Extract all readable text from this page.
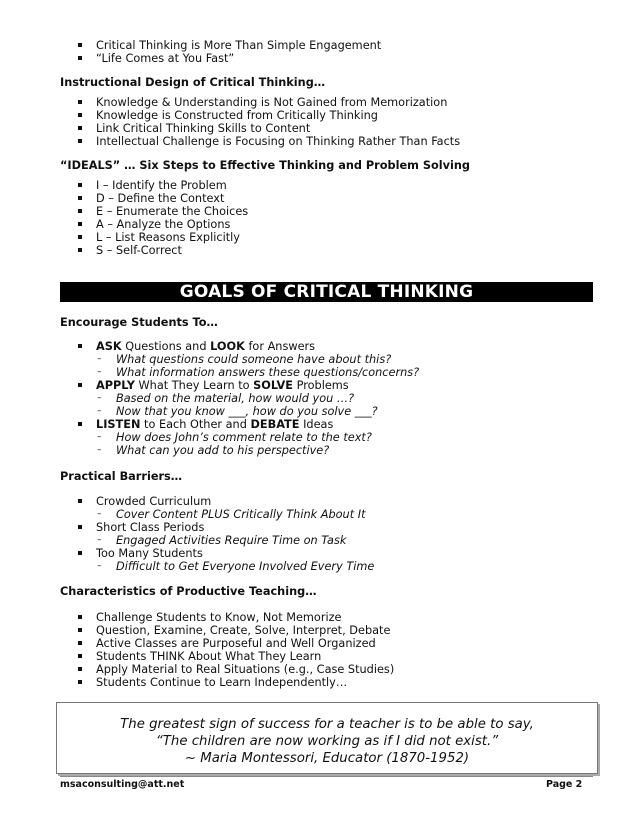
Critical Thinking is More Than Simple Engagement
“Life Comes at You Fast”
Instructional Design of Critical Thinking…
Knowledge & Understanding is Not Gained from Memorization
Knowledge is Constructed from Critically Thinking
Link Critical Thinking Skills to Content
Intellectual Challenge is Focusing on Thinking Rather Than Facts
“IDEALS” … Six Steps to Effective Thinking and Problem Solving
I – Identify the Problem
D – Define the Context
E – Enumerate the Choices
A – Analyze the Options
L – List Reasons Explicitly
S – Self-Correct
GOALS OF CRITICAL THINKING
Encourage Students To…
ASK Questions and LOOK for Answers
– What questions could someone have about this?
– What information answers these questions/concerns?
APPLY What They Learn to SOLVE Problems
– Based on the material, how would you …?
– Now that you know ___, how do you solve ___?
LISTEN to Each Other and DEBATE Ideas
– How does John’s comment relate to the text?
– What can you add to his perspective?
Practical Barriers…
Crowded Curriculum
– Cover Content PLUS Critically Think About It
Short Class Periods
– Engaged Activities Require Time on Task
Too Many Students
– Difficult to Get Everyone Involved Every Time
Characteristics of Productive Teaching…
Challenge Students to Know, Not Memorize
Question, Examine, Create, Solve, Interpret, Debate
Active Classes are Purposeful and Well Organized
Students THINK About What They Learn
Apply Material to Real Situations (e.g., Case Studies)
Students Continue to Learn Independently…
The greatest sign of success for a teacher is to be able to say,
“The children are now working as if I did not exist.”
~ Maria Montessori, Educator (1870-1952)
msaconsulting@att.net	Page 2
